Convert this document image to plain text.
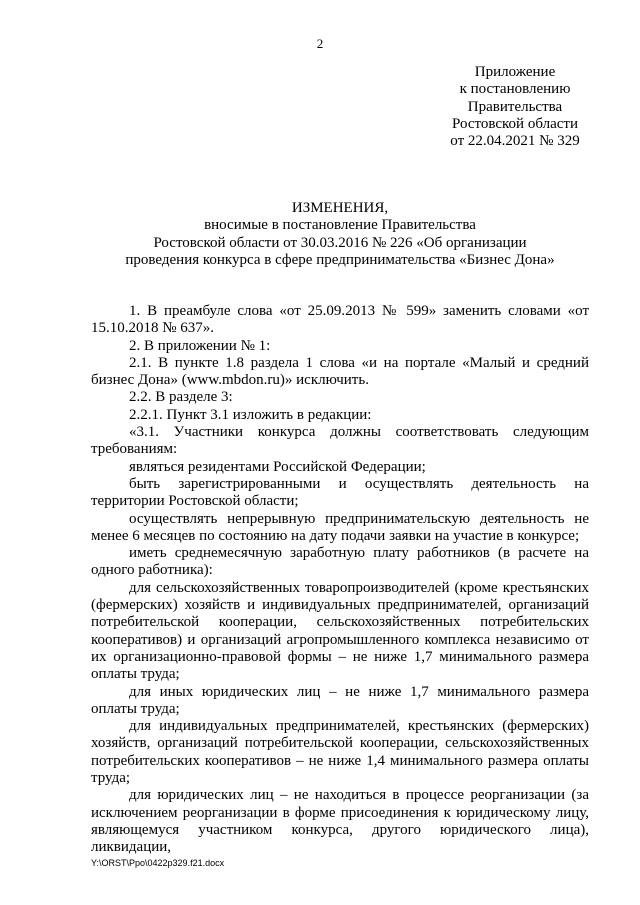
2
Приложение
к постановлению
Правительства
Ростовской области
от 22.04.2021 № 329
ИЗМЕНЕНИЯ,
вносимые в постановление Правительства
Ростовской области от 30.03.2016 № 226 «Об организации
проведения конкурса в сфере предпринимательства «Бизнес Дона»

1. В преамбуле слова «от 25.09.2013 № 599» заменить словами «от 15.10.2018 № 637».

2. В приложении № 1:

2.1. В пункте 1.8 раздела 1 слова «и на портале «Малый и средний бизнес Дона» (www.mbdon.ru)» исключить.

2.2. В разделе 3:

2.2.1. Пункт 3.1 изложить в редакции:

«3.1. Участники конкурса должны соответствовать следующим требованиям:

являться резидентами Российской Федерации;

быть зарегистрированными и осуществлять деятельность на территории Ростовской области;

осуществлять непрерывную предпринимательскую деятельность не менее 6 месяцев по состоянию на дату подачи заявки на участие в конкурсе;

иметь среднемесячную заработную плату работников (в расчете на одного работника):

для сельскохозяйственных товаропроизводителей (кроме крестьянских (фермерских) хозяйств и индивидуальных предпринимателей, организаций потребительской кооперации, сельскохозяйственных потребительских кооперативов) и организаций агропромышленного комплекса независимо от их организационно-правовой формы – не ниже 1,7 минимального размера оплаты труда;

для иных юридических лиц – не ниже 1,7 минимального размера оплаты труда;

для индивидуальных предпринимателей, крестьянских (фермерских) хозяйств, организаций потребительской кооперации, сельскохозяйственных потребительских кооперативов – не ниже 1,4 минимального размера оплаты труда;

для юридических лиц – не находиться в процессе реорганизации (за исключением реорганизации в форме присоединения к юридическому лицу, являющемуся участником конкурса, другого юридического лица), ликвидации,

Y:\ORST\Ppo\0422p329.f21.docx
